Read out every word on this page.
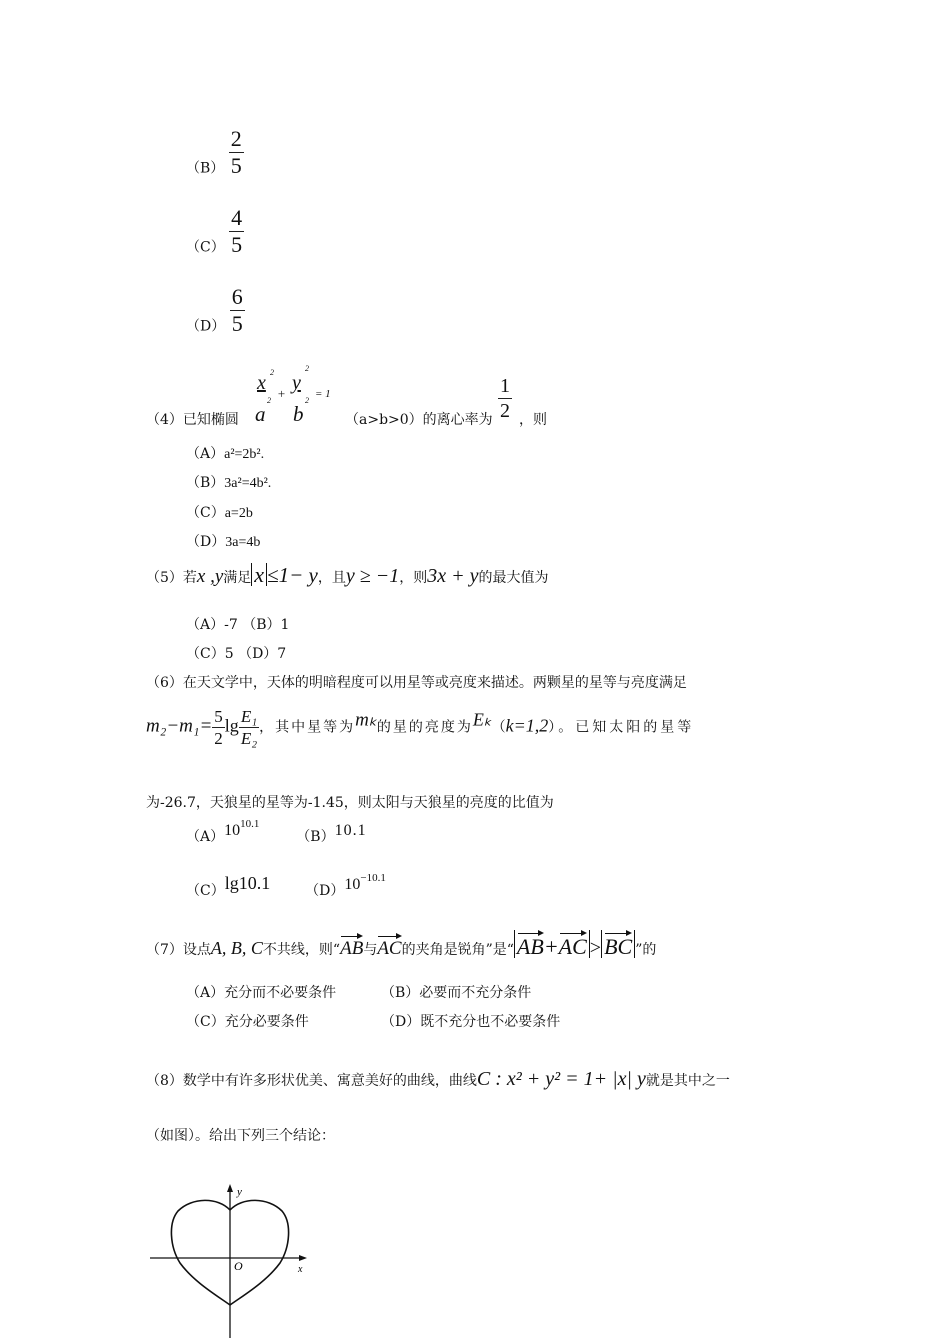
$(B) \frac{2}{5}$
$(C) \frac{4}{5}$
$(D) \frac{6}{5}$
（4）已知椭圆
x 2
+ y
2
= 1
2
a
2
b	（a>b>0）的离心率为 $\frac{1}{2}$ ，则
（A）a²=2b².
（B）3a²=4b².
（C）a=2b
（D）3a=4b
（5）若x ,y满足 x ≤1− y，且y ≥ −1，则3x + y的最大值为
（A）-7 （B）1
（C）5 （D）7
（6）在天文学中，天体的明暗程度可以用星等或亮度来描述。两颗星的星等与亮度满足
$m_2-m_1= \frac{5}{2}$ $\lg \frac{\text{E₁}}{\text{E₂}}$ ，其中星等为mₖ的星的亮度为Eₖ（k=1,2）。已知太阳的星等
为-26.7，天狼星的星等为-1.45，则太阳与天狼星的亮度的比值为
$(A)10^{10.1}$  （B）10.1
（C）lg10.1 $(D)10^{-10.1}$
（7）设点A, B, C不共线，则“AB与AC的夹角是锐角”是“ AB+AC > BC ”的
（A）充分而不必要条件	（B）必要而不充分条件
（C）充分必要条件	（D）既不充分也不必要条件
（8）数学中有许多形状优美、寓意美好的曲线，曲线C : x² + y² = 1+ |x| y就是其中之一
（如图）。给出下列三个结论：
y
x
O
